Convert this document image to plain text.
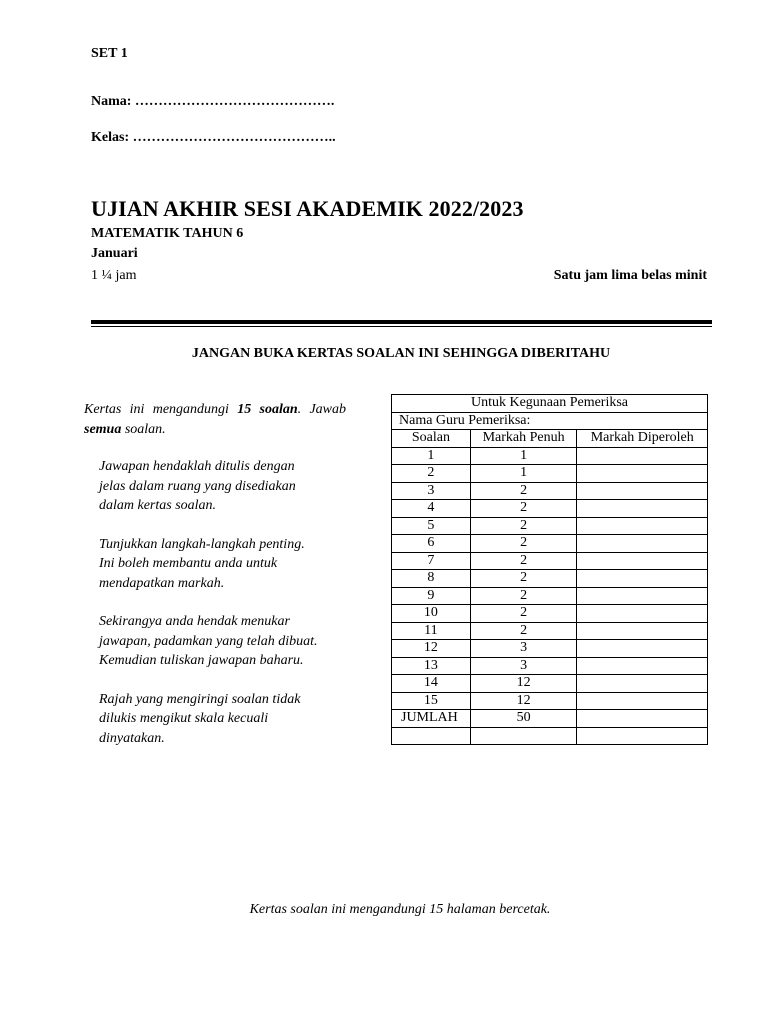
SET 1
Nama: …………………………………….
Kelas: ……………………………………..
UJIAN AKHIR SESI AKADEMIK 2022/2023
MATEMATIK TAHUN 6
Januari
1 ¼ jam	Satu jam lima belas minit
JANGAN BUKA KERTAS SOALAN INI SEHINGGA DIBERITAHU
Kertas ini mengandungi 15 soalan. Jawab semua soalan.
Jawapan hendaklah ditulis dengan
jelas dalam ruang yang disediakan
dalam kertas soalan.
Tunjukkan langkah-langkah penting.
Ini boleh membantu anda untuk
mendapatkan markah.
Sekirangya anda hendak menukar
jawapan, padamkan yang telah dibuat.
Kemudian tuliskan jawapan baharu.
Rajah yang mengiringi soalan tidak
dilukis mengikut skala kecuali
dinyatakan.
Untuk Kegunaan Pemeriksa		
Nama Guru Pemeriksa:		
Soalan	Markah Penuh	Markah Diperoleh
1	1	
2	1	
3	2	
4	2	
5	2	
6	2	
7	2	
8	2	
9	2	
10	2	
11	2	
12	3	
13	3	
14	12	
15	12	
JUMLAH	50	

Kertas soalan ini mengandungi 15 halaman bercetak.
